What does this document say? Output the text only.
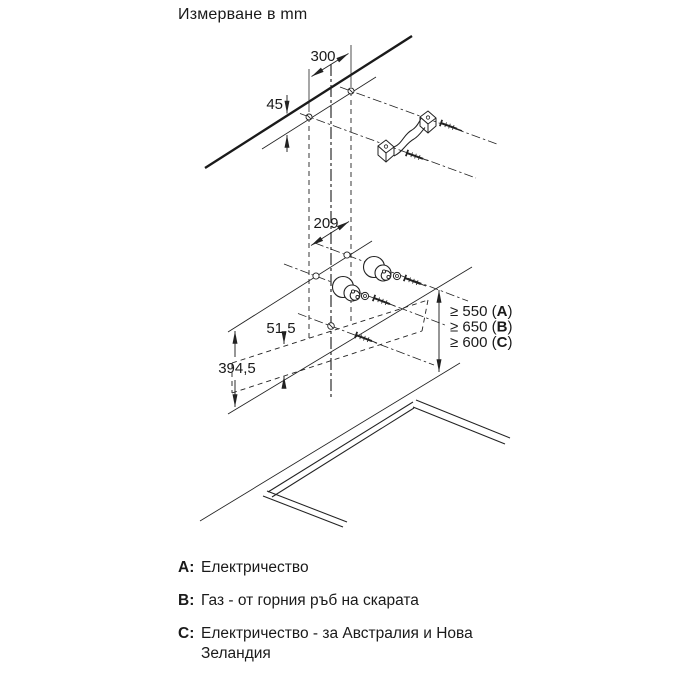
Измерване в mm
300
45
209
394,5
51,5
≥ 550 (A)
≥ 650 (B)
≥ 600 (C)
A: Електричество
B: Газ - от горния ръб на скарата
C: Електричество - за Австралия и Нова Зеландия
